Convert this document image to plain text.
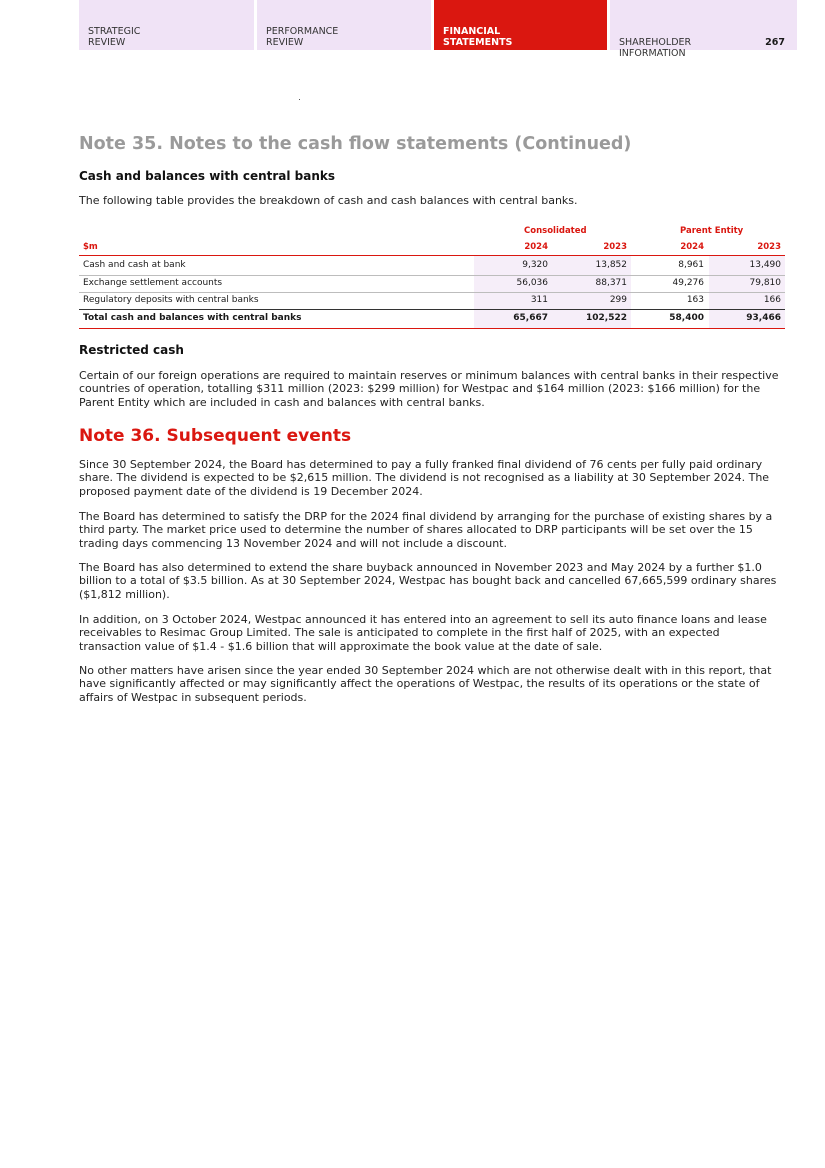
STRATEGIC
REVIEW
PERFORMANCE
REVIEW
FINANCIAL
STATEMENTS	SHAREHOLDER
INFORMATION

267

Note 35. Notes to the cash flow statements (Continued)
Cash and balances with central banks

The following table provides the breakdown of cash and cash balances with central banks.

Consolidated	Parent Entity
$m	2024	2023	2024	2023
Cash and cash at bank	9,320	13,852	8,961	13,490
Exchange settlement accounts	56,036	88,371	49,276	79,810
Regulatory deposits with central banks	311	299	163	166
Total cash and balances with central banks	65,667	102,522	58,400	93,466
Restricted cash

Certain of our foreign operations are required to maintain reserves or minimum balances with central banks in their respective countries of operation, totalling $311 million (2023: $299 million) for Westpac and $164 million (2023: $166 million) for the Parent Entity which are included in cash and balances with central banks.

Note 36. Subsequent events

Since 30 September 2024, the Board has determined to pay a fully franked final dividend of 76 cents per fully paid ordinary share. The dividend is expected to be $2,615 million. The dividend is not recognised as a liability at 30 September 2024. The proposed payment date of the dividend is 19 December 2024.

The Board has determined to satisfy the DRP for the 2024 final dividend by arranging for the purchase of existing shares by a third party. The market price used to determine the number of shares allocated to DRP participants will be set over the 15 trading days commencing 13 November 2024 and will not include a discount.

The Board has also determined to extend the share buyback announced in November 2023 and May 2024 by a further $1.0 billion to a total of $3.5 billion. As at 30 September 2024, Westpac has bought back and cancelled 67,665,599 ordinary shares ($1,812 million).

In addition, on 3 October 2024, Westpac announced it has entered into an agreement to sell its auto finance loans and lease receivables to Resimac Group Limited. The sale is anticipated to complete in the first half of 2025, with an expected transaction value of $1.4 - $1.6 billion that will approximate the book value at the date of sale.

No other matters have arisen since the year ended 30 September 2024 which are not otherwise dealt with in this report, that have significantly affected or may significantly affect the operations of Westpac, the results of its operations or the state of affairs of Westpac in subsequent periods.
